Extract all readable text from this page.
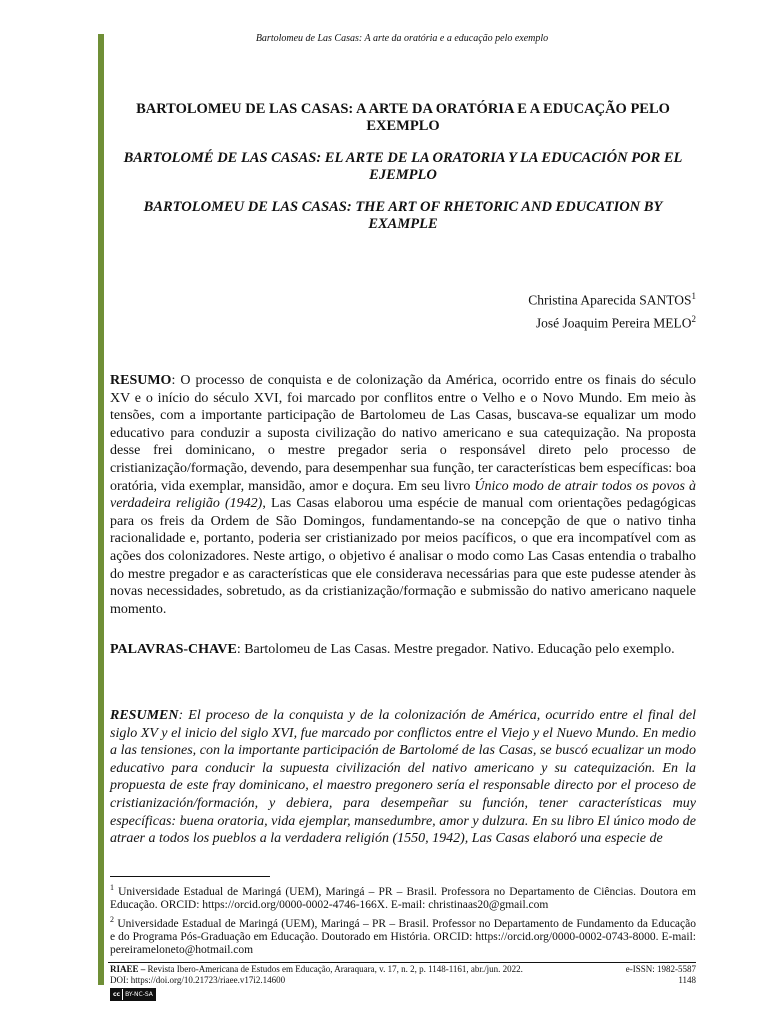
Bartolomeu de Las Casas: A arte da oratória e a educação pelo exemplo

BARTOLOMEU DE LAS CASAS: A ARTE DA ORATÓRIA E A EDUCAÇÃO PELO EXEMPLO

BARTOLOMÉ DE LAS CASAS: EL ARTE DE LA ORATORIA Y LA EDUCACIÓN POR EL EJEMPLO

BARTOLOMEU DE LAS CASAS: THE ART OF RHETORIC AND EDUCATION BY EXAMPLE

Christina Aparecida SANTOS$^1$
José Joaquim Pereira MELO$^2$

RESUMO: O processo de conquista e de colonização da América, ocorrido entre os finais do século XV e o início do século XVI, foi marcado por conflitos entre o Velho e o Novo Mundo. Em meio às tensões, com a importante participação de Bartolomeu de Las Casas, buscava-se equalizar um modo educativo para conduzir a suposta civilização do nativo americano e sua catequização. Na proposta desse frei dominicano, o mestre pregador seria o responsável direto pelo processo de cristianização/formação, devendo, para desempenhar sua função, ter características bem específicas: boa oratória, vida exemplar, mansidão, amor e doçura. Em seu livro Único modo de atrair todos os povos à verdadeira religião (1942), Las Casas elaborou uma espécie de manual com orientações pedagógicas para os freis da Ordem de São Domingos, fundamentando-se na concepção de que o nativo tinha racionalidade e, portanto, poderia ser cristianizado por meios pacíficos, o que era incompatível com as ações dos colonizadores. Neste artigo, o objetivo é analisar o modo como Las Casas entendia o trabalho do mestre pregador e as características que ele considerava necessárias para que este pudesse atender às novas necessidades, sobretudo, as da cristianização/formação e submissão do nativo americano naquele momento.

PALAVRAS-CHAVE: Bartolomeu de Las Casas. Mestre pregador. Nativo. Educação pelo exemplo.

RESUMEN: El proceso de la conquista y de la colonización de América, ocurrido entre el final del siglo XV y el inicio del siglo XVI, fue marcado por conflictos entre el Viejo y el Nuevo Mundo. En medio a las tensiones, con la importante participación de Bartolomé de las Casas, se buscó ecualizar un modo educativo para conducir la supuesta civilización del nativo americano y su catequización. En la propuesta de este fray dominicano, el maestro pregonero sería el responsable directo por el proceso de cristianización/formación, y debiera, para desempeñar su función, tener características muy específicas: buena oratoria, vida ejemplar, mansedumbre, amor y dulzura. En su libro El único modo de atraer a todos los pueblos a la verdadera religión (1550, 1942), Las Casas elaboró una especie de

$^1$ Universidade Estadual de Maringá (UEM), Maringá – PR – Brasil. Professora no Departamento de Ciências. Doutora em Educação. ORCID: https://orcid.org/0000-0002-4746-166X. E-mail: christinaas20@gmail.com

$^2$ Universidade Estadual de Maringá (UEM), Maringá – PR – Brasil. Professor no Departamento de Fundamento da Educação e do Programa Pós-Graduação em Educação. Doutorado em História. ORCID: https://orcid.org/0000-0002-0743-8000. E-mail: pereirameloneto@hotmail.com

RIAEE – Revista Ibero-Americana de Estudos em Educação, Araraquara, v. 17, n. 2, p. 1148-1161, abr./jun. 2022.	e-ISSN: 1982-5587
DOI: https://doi.org/10.21723/riaee.v17i2.14600	1148
cc BY-NC-SA
